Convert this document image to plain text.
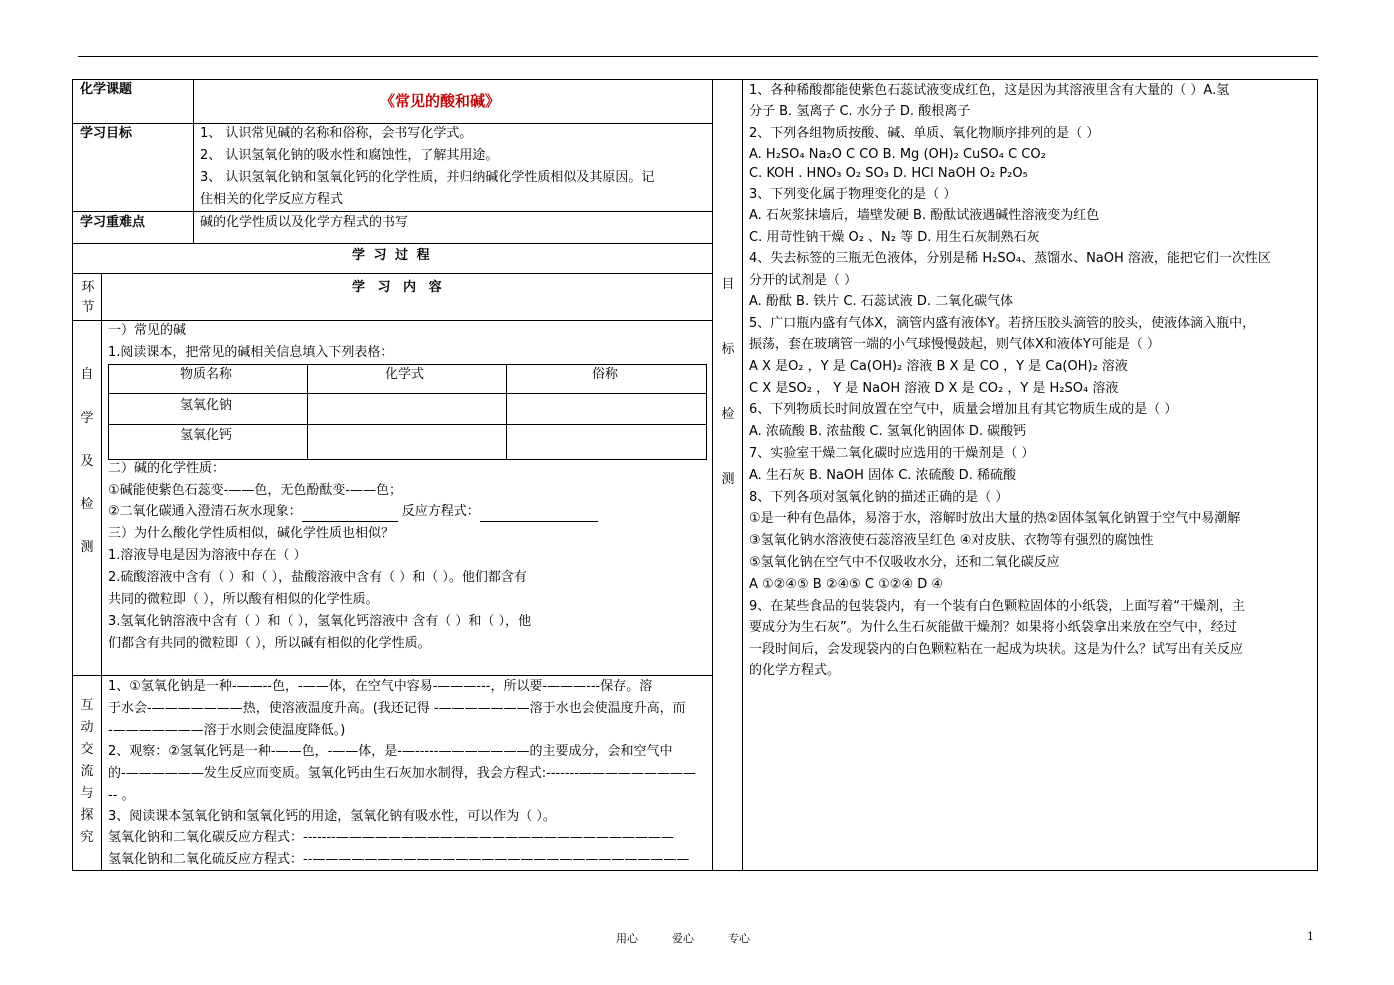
化学课题
《常见的酸和碱》
学习目标	1、 认识常见碱的名称和俗称，会书写化学式。
2、 认识氢氧化钠的吸水性和腐蚀性，了解其用途。
3、 认识氢氧化钠和氢氧化钙的化学性质，并归纳碱化学性质相似及其原因。记
住相关的化学反应方程式
学习重难点	碱的化学性质以及化学方程式的书写
学 习 过 程
环
节
学 习 内 容
自
学
及
检
测
一）常见的碱
1.阅读课本，把常见的碱相关信息填入下列表格：
物质名称	化学式	俗称
氢氧化钠
氢氧化钙
二）碱的化学性质：
①碱能使紫色石蕊变-——色，无色酚酞变-——色；
②二氧化碳通入澄清石灰水现象：	反应方程式：
三）为什么酸化学性质相似，碱化学性质也相似？
1.溶液导电是因为溶液中存在（ ）
2.硫酸溶液中含有（ ）和（ ），盐酸溶液中含有（ ）和（ ）。他们都含有
共同的微粒即（ ），所以酸有相似的化学性质。
3.氢氧化钠溶液中含有（ ）和（ ），氢氧化钙溶液中 含有（ ）和（ ），他
们都含有共同的微粒即（ ），所以碱有相似的化学性质。
互
动
交
流
与
探
究
1、①氢氧化钠是一种-——--色，-——体，在空气中容易-———---，所以要-———---保存。溶
于水会-———————热，使溶液温度升高。(我还记得 -———————溶于水也会使温度升高，而
-———————溶于水则会使温度降低。)
2、观察：②氢氧化钙是一种-——色，-——体，是-—-----———————的主要成分，会和空气中
的-——————发生反应而变质。氢氧化钙由生石灰加水制得，我会方程式:-------—————————
-- 。
3、阅读课本氢氧化钠和氢氧化钙的用途，氢氧化钠有吸水性，可以作为（ ）。
氢氧化钠和二氧化碳反应方程式：-------——————————————————————————
氢氧化钠和二氧化硫反应方程式：--—————————————————————————————
目
标
检
测
1、各种稀酸都能使紫色石蕊试液变成红色，这是因为其溶液里含有大量的（ ）A.氢
分子 B. 氢离子 C. 水分子 D. 酸根离子
2、下列各组物质按酸、碱、单质、氧化物顺序排列的是（ ）
A. H₂SO₄ Na₂O C CO B. Mg (OH)₂ CuSO₄ C CO₂
C. KOH . HNO₃ O₂ SO₃ D. HCl NaOH O₂ P₂O₅
3、下列变化属于物理变化的是（ ）
A. 石灰浆抹墙后，墙壁发硬 B. 酚酞试液遇碱性溶液变为红色
C. 用苛性钠干燥 O₂ 、N₂ 等 D. 用生石灰制熟石灰
4、失去标签的三瓶无色液体，分别是稀 H₂SO₄、蒸馏水、NaOH 溶液，能把它们一次性区
分开的试剂是（ ）
A. 酚酞 B. 铁片 C. 石蕊试液 D. 二氧化碳气体
5、广口瓶内盛有气体X，滴管内盛有液体Y。若挤压胶头滴管的胶头，使液体滴入瓶中，
振荡，套在玻璃管一端的小气球慢慢鼓起，则气体X和液体Y可能是（ ）
A X 是O₂ ，Y 是 Ca(OH)₂ 溶液 B X 是 CO ，Y 是 Ca(OH)₂ 溶液
C X 是SO₂ ， Y 是 NaOH 溶液 D X 是 CO₂ ，Y 是 H₂SO₄ 溶液
6、下列物质长时间放置在空气中，质量会增加且有其它物质生成的是（ ）
A. 浓硫酸 B. 浓盐酸 C. 氢氧化钠固体 D. 碳酸钙
7、实验室干燥二氧化碳时应选用的干燥剂是（ ）
A. 生石灰 B. NaOH 固体 C. 浓硫酸 D. 稀硫酸
8、下列各项对氢氧化钠的描述正确的是（ ）
①是一种有色晶体，易溶于水，溶解时放出大量的热②固体氢氧化钠置于空气中易潮解
③氢氧化钠水溶液使石蕊溶液呈红色 ④对皮肤、衣物等有强烈的腐蚀性
⑤氢氧化钠在空气中不仅吸收水分，还和二氧化碳反应
A ①②④⑤ B ②④⑤ C ①②④ D ④
9、在某些食品的包装袋内，有一个装有白色颗粒固体的小纸袋，上面写着“干燥剂，主
要成分为生石灰”。为什么生石灰能做干燥剂？如果将小纸袋拿出来放在空气中，经过
一段时间后，会发现袋内的白色颗粒粘在一起成为块状。这是为什么？试写出有关反应
的化学方程式。
用心	爱心	专心	1
